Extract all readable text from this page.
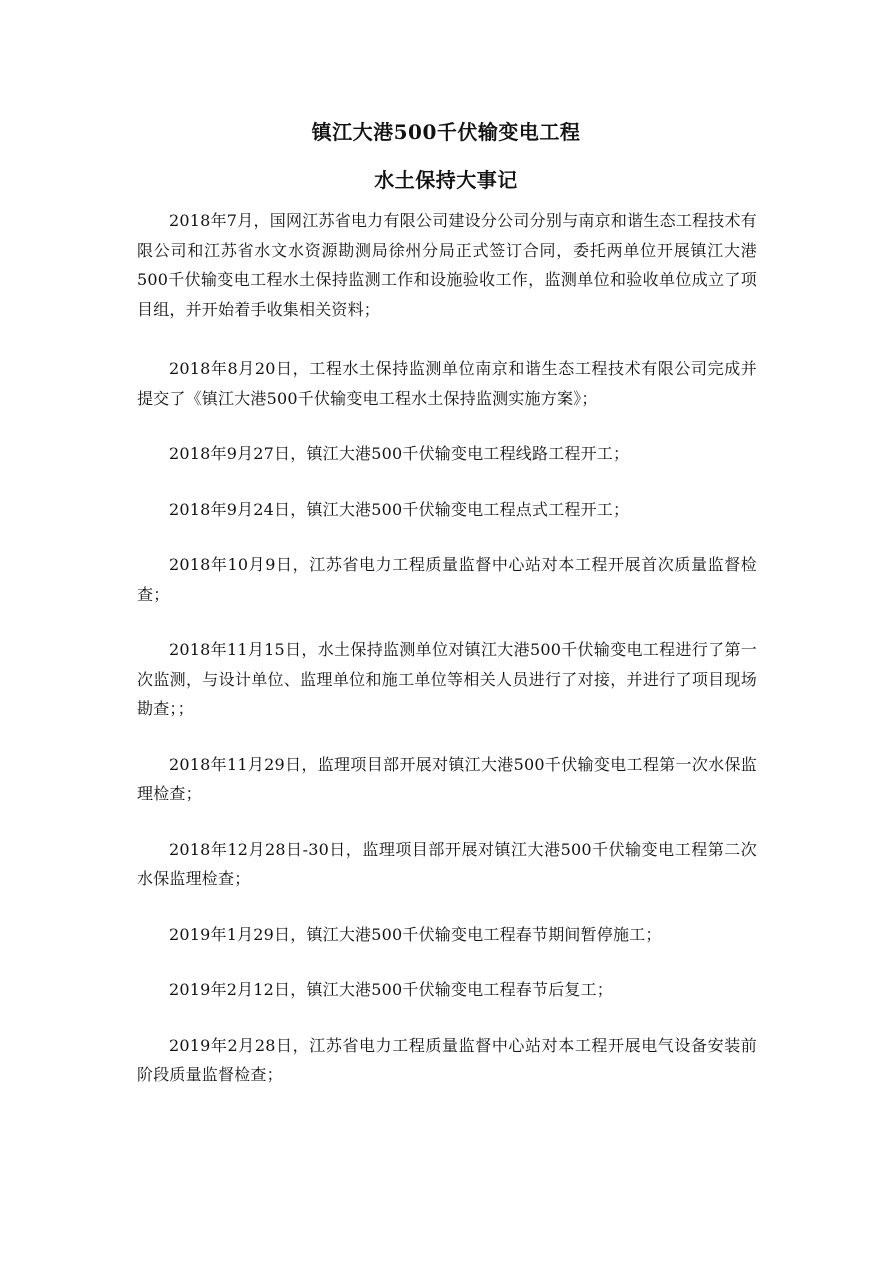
镇江大港500千伏输变电工程
水土保持大事记

2018年7月，国网江苏省电力有限公司建设分公司分别与南京和谐生态工程技术有限公司和江苏省水文水资源勘测局徐州分局正式签订合同，委托两单位开展镇江大港500千伏输变电工程水土保持监测工作和设施验收工作，监测单位和验收单位成立了项目组，并开始着手收集相关资料；

2018年8月20日，工程水土保持监测单位南京和谐生态工程技术有限公司完成并提交了《镇江大港500千伏输变电工程水土保持监测实施方案》；

2018年9月27日，镇江大港500千伏输变电工程线路工程开工；

2018年9月24日，镇江大港500千伏输变电工程点式工程开工；

2018年10月9日，江苏省电力工程质量监督中心站对本工程开展首次质量监督检查；

2018年11月15日，水土保持监测单位对镇江大港500千伏输变电工程进行了第一次监测，与设计单位、监理单位和施工单位等相关人员进行了对接，并进行了项目现场勘查；；

2018年11月29日，监理项目部开展对镇江大港500千伏输变电工程第一次水保监理检查；

2018年12月28日-30日，监理项目部开展对镇江大港500千伏输变电工程第二次水保监理检查；

2019年1月29日，镇江大港500千伏输变电工程春节期间暂停施工；

2019年2月12日，镇江大港500千伏输变电工程春节后复工；

2019年2月28日，江苏省电力工程质量监督中心站对本工程开展电气设备安装前阶段质量监督检查；
